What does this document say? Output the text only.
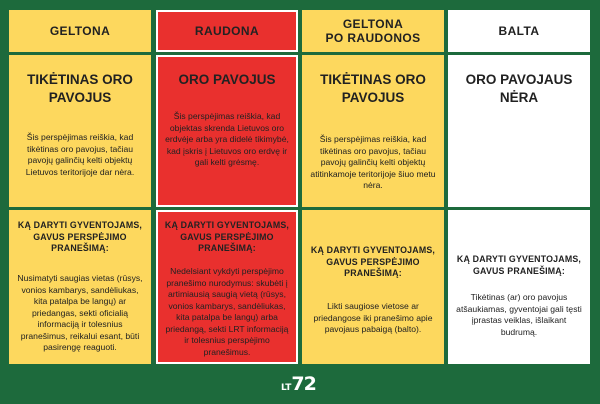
GELTONA
TIKĖTINAS ORO PAVOJUS
Šis perspėjimas reiškia, kad tikėtinas oro pavojus, tačiau pavojų galinčių kelti objektų Lietuvos teritorijoje dar nėra.
KĄ DARYTI GYVENTOJAMS, GAVUS PERSPĖJIMO PRANEŠIMĄ:
Nusimatyti saugias vietas (rūsys, vonios kambarys, sandėliukas, kita patalpa be langų) ar priedangas, sekti oficialią informaciją ir tolesnius pranešimus, reikalui esant, būti pasirengę reaguoti.
RAUDONA
ORO PAVOJUS
Šis perspėjimas reiškia, kad objektas skrenda Lietuvos oro erdvėje arba yra didelė tikimybė, kad įskris į Lietuvos oro erdvę ir gali kelti grėsmę.
KĄ DARYTI GYVENTOJAMS, GAVUS PERSPĖJIMO PRANEŠIMĄ:
Nedelsiant vykdyti perspėjimo pranešimo nurodymus: skubėti į artimiausią saugią vietą (rūsys, vonios kambarys, sandėliukas, kita patalpa be langų) arba priedangą, sekti LRT informaciją ir tolesnius perspėjimo pranešimus.
GELTONA
PO RAUDONOS
TIKĖTINAS ORO PAVOJUS
Šis perspėjimas reiškia, kad tikėtinas oro pavojus, tačiau pavojų galinčių kelti objektų atitinkamoje teritorijoje šiuo metu nėra.
KĄ DARYTI GYVENTOJAMS, GAVUS PERSPĖJIMO PRANEŠIMĄ:
Likti saugiose vietose ar priedangose iki pranešimo apie pavojaus pabaigą (balto).
BALTA
ORO PAVOJAUS NĖRA
KĄ DARYTI GYVENTOJAMS, GAVUS PRANEŠIMĄ:
Tikėtinas (ar) oro pavojus atšaukiamas, gyventojai gali tęsti įprastas veiklas, išlaikant budrumą.
LT 72
